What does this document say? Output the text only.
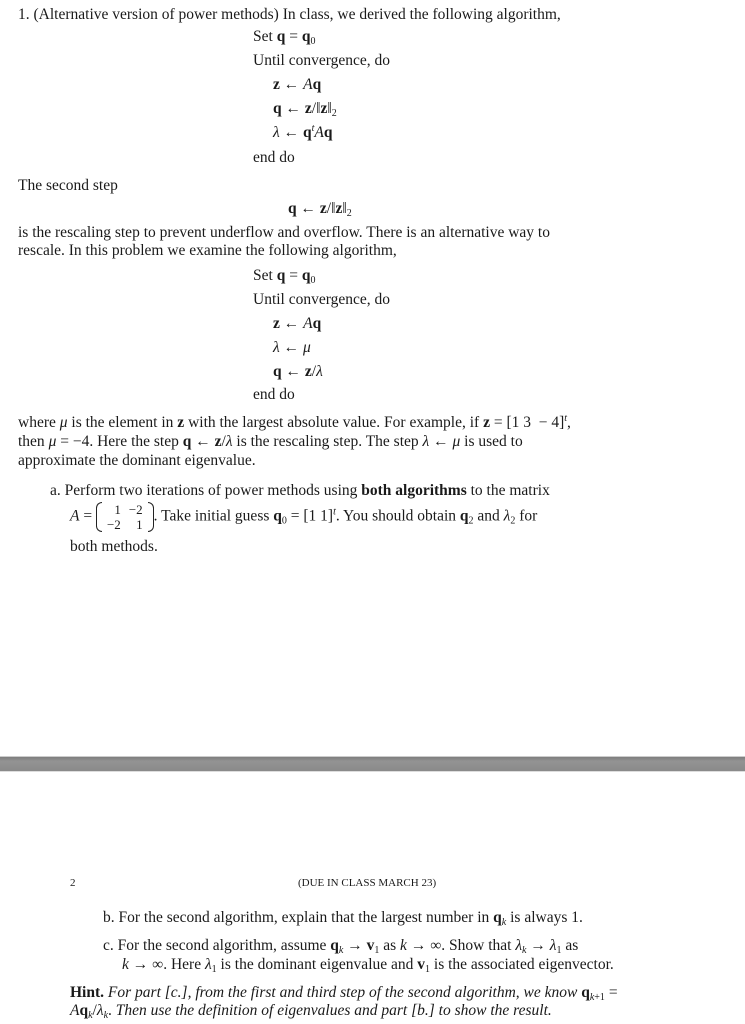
1. (Alternative version of power methods) In class, we derived the following algorithm,
Set $q = q_0$
Until convergence, do
z ← Aq
q ← $z/‖z‖_2$
λ ← $q^tAq$
end do
The second step
q ← $z/‖z‖_2$
is the rescaling step to prevent underflow and overflow. There is an alternative way to
rescale. In this problem we examine the following algorithm,
Set $q = q_0$
Until convergence, do
z ← Aq
λ ← μ
q ← z/λ
end do
where μ is the element in z with the largest absolute value. For example, if z = [1 3  − 4]$^t$,
then μ = −4. Here the step q ← z/λ is the rescaling step. The step λ ← μ is used to
approximate the dominant eigenvalue.
a. Perform two iterations of power methods using both algorithms to the matrix
A = 1	−2
−2	1 . Take initial guess $q_0 = [1$ 1]$^t$. You should obtain $q_2$ and $\lambda_2$ for
both methods.
2	(DUE IN CLASS MARCH 23)
b. For the second algorithm, explain that the largest number in $q_k$ is always 1.
c. For the second algorithm, assume $q_k \to v_1$ as k → ∞. Show that $\lambda_k \to \lambda_1$ as
k → ∞. Here $\lambda_1$ is the dominant eigenvalue and $v_1$ is the associated eigenvector.
Hint. For part [c.], from the first and third step of the second algorithm, we know $q_{k+1}$ =
$Aq_k/\lambda_k$. Then use the definition of eigenvalues and part [b.] to show the result.
